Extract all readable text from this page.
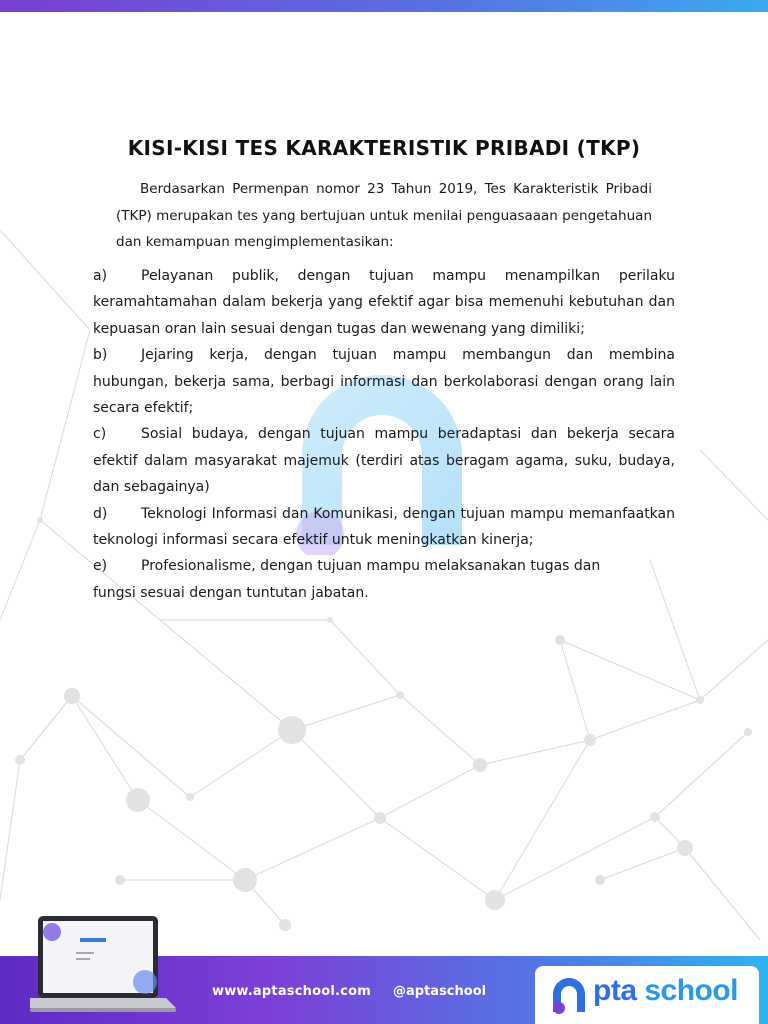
KISI-KISI TES KARAKTERISTIK PRIBADI (TKP)

Berdasarkan Permenpan nomor 23 Tahun 2019, Tes Karakteristik Pribadi (TKP) merupakan tes yang bertujuan untuk menilai penguasaaan pengetahuan dan kemampuan mengimplementasikan:

a) Pelayanan publik, dengan tujuan mampu menampilkan perilaku keramahtamahan dalam bekerja yang efektif agar bisa memenuhi kebutuhan dan kepuasan oran lain sesuai dengan tugas dan wewenang yang dimiliki;

b) Jejaring kerja, dengan tujuan mampu membangun dan membina hubungan, bekerja sama, berbagi informasi dan berkolaborasi dengan orang lain secara efektif;

c) Sosial budaya, dengan tujuan mampu beradaptasi dan bekerja secara efektif dalam masyarakat majemuk (terdiri atas beragam agama, suku, budaya, dan sebagainya)

d) Teknologi Informasi dan Komunikasi, dengan tujuan mampu memanfaatkan teknologi informasi secara efektif untuk meningkatkan kinerja;

e) Profesionalisme, dengan tujuan mampu melaksanakan tugas dan fungsi sesuai dengan tuntutan jabatan.

www.aptaschool.com @aptaschool	pta school
